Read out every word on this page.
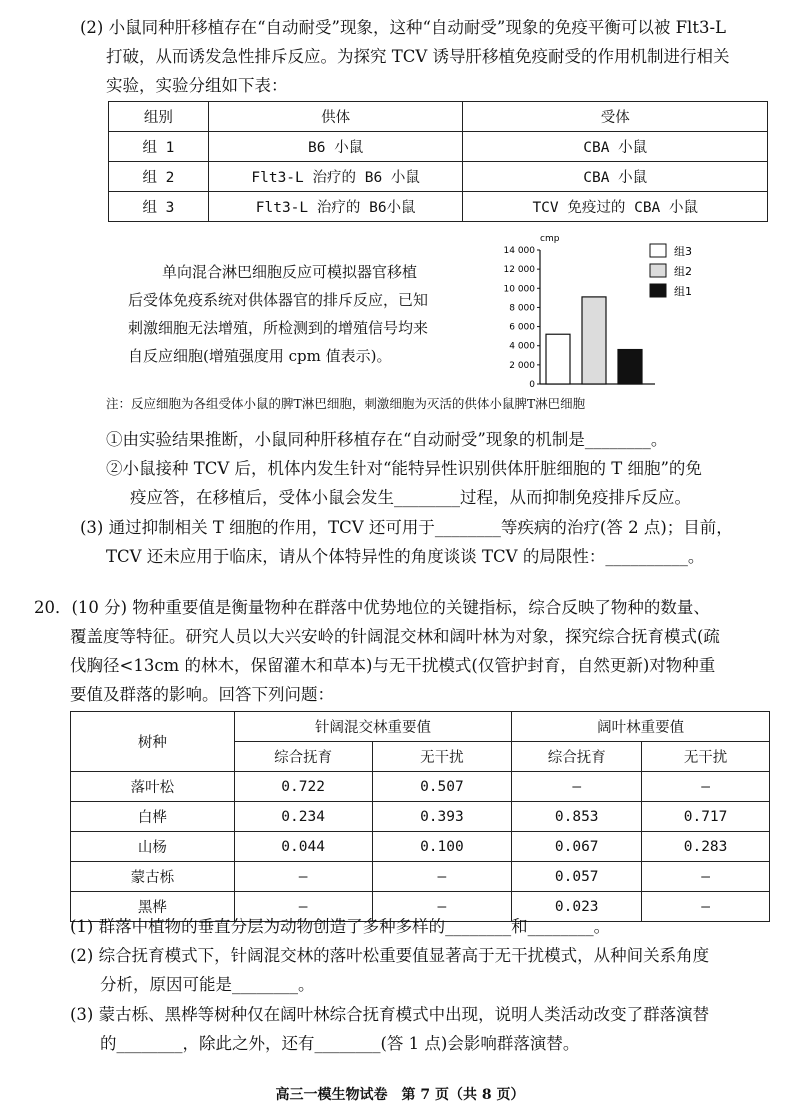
(2) 小鼠同种肝移植存在“自动耐受”现象，这种“自动耐受”现象的免疫平衡可以被 Flt3-L
打破，从而诱发急性排斥反应。为探究 TCV 诱导肝移植免疫耐受的作用机制进行相关
实验，实验分组如下表：
组别	供体	受体
组 1	B6 小鼠	CBA 小鼠
组 2	Flt3-L 治疗的 B6 小鼠	CBA 小鼠
组 3	Flt3-L 治疗的 B6小鼠	TCV 免疫过的 CBA 小鼠
单向混合淋巴细胞反应可模拟器官移植
后受体免疫系统对供体器官的排斥反应，已知
刺激细胞无法增殖，所检测到的增殖信号均来
自反应细胞(增殖强度用 cpm 值表示)。
cmp
0
2 000
4 000
6 000
8 000
10 000
12 000
14 000	组3
组2
组1
注：反应细胞为各组受体小鼠的脾T淋巴细胞，刺激细胞为灭活的供体小鼠脾T淋巴细胞
①由实验结果推断，小鼠同种肝移植存在“自动耐受”现象的机制是________。
②小鼠接种 TCV 后，机体内发生针对“能特异性识别供体肝脏细胞的 T 细胞”的免
疫应答，在移植后，受体小鼠会发生________过程，从而抑制免疫排斥反应。
(3) 通过抑制相关 T 细胞的作用，TCV 还可用于________等疾病的治疗(答 2 点)；目前，
TCV 还未应用于临床，请从个体特异性的角度谈谈 TCV 的局限性：__________。
20．(10 分) 物种重要值是衡量物种在群落中优势地位的关键指标，综合反映了物种的数量、
覆盖度等特征。研究人员以大兴安岭的针阔混交林和阔叶林为对象，探究综合抚育模式(疏
伐胸径<13cm 的林木，保留灌木和草本)与无干扰模式(仅管护封育，自然更新)对物种重
要值及群落的影响。回答下列问题：
树种	针阔混交林重要值		阔叶林重要值	
	综合抚育	无干扰	综合抚育	无干扰
落叶松	0.722	0.507	–	–
白桦	0.234	0.393	0.853	0.717
山杨	0.044	0.100	0.067	0.283
蒙古栎	–	–	0.057	–
黑桦	–	–	0.023	–
(1) 群落中植物的垂直分层为动物创造了多种多样的________和________。
(2) 综合抚育模式下，针阔混交林的落叶松重要值显著高于无干扰模式，从种间关系角度
分析，原因可能是________。
(3) 蒙古栎、黑桦等树种仅在阔叶林综合抚育模式中出现，说明人类活动改变了群落演替
的________，除此之外，还有________(答 1 点)会影响群落演替。
高三一模生物试卷　第 7 页（共 8 页）
